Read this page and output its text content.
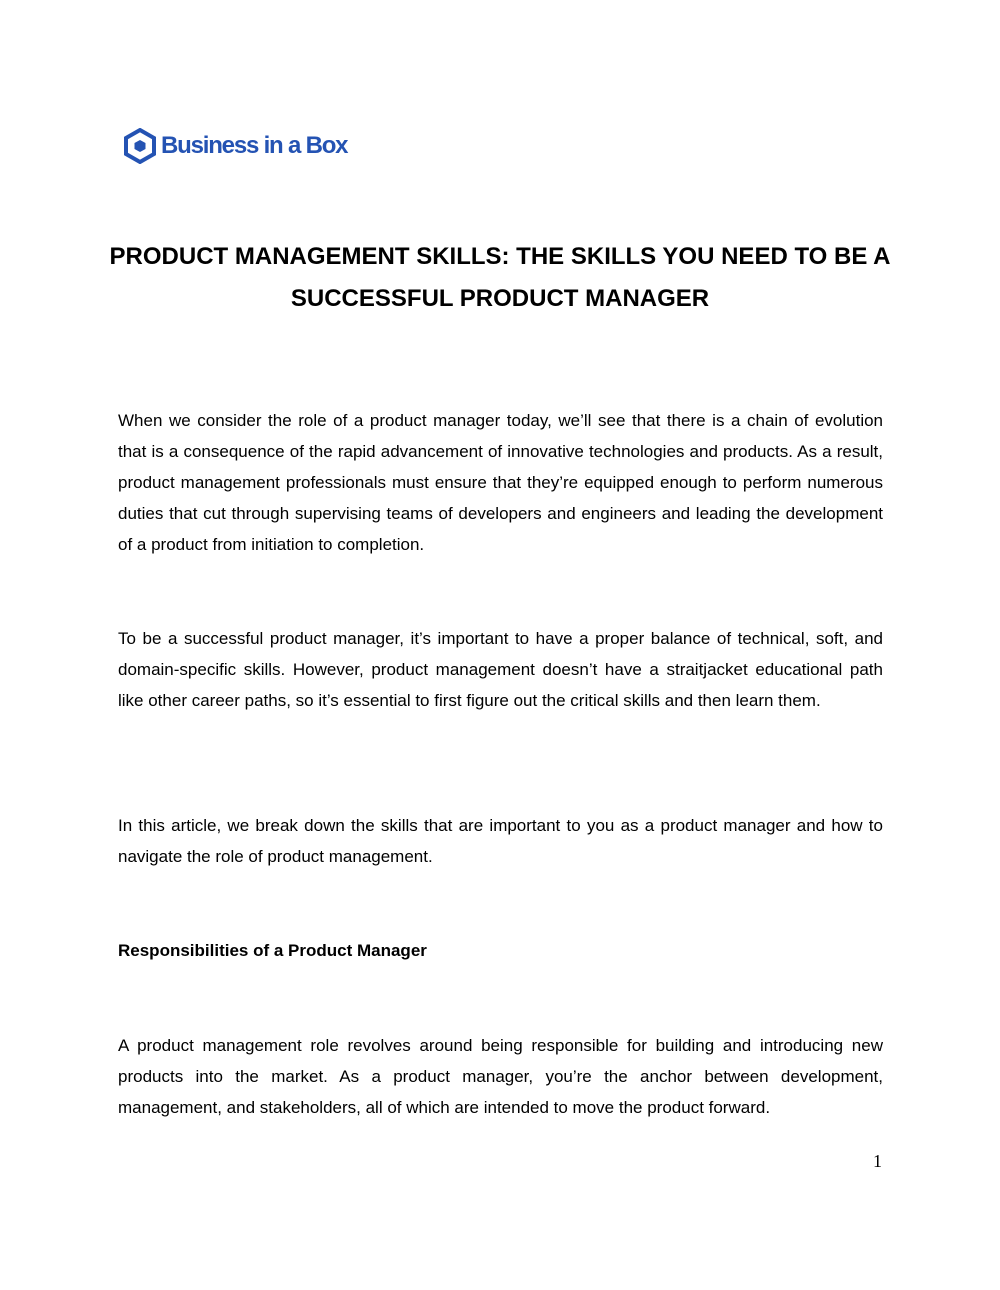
Business in a Box
PRODUCT MANAGEMENT SKILLS: THE SKILLS YOU NEED TO BE A SUCCESSFUL PRODUCT MANAGER

When we consider the role of a product manager today, we’ll see that there is a chain of evolution that is a consequence of the rapid advancement of innovative technologies and products. As a result, product management professionals must ensure that they’re equipped enough to perform numerous duties that cut through supervising teams of developers and engineers and leading the development of a product from initiation to completion.

To be a successful product manager, it’s important to have a proper balance of technical, soft, and domain-specific skills. However, product management doesn’t have a straitjacket educational path like other career paths, so it’s essential to first figure out the critical skills and then learn them.

In this article, we break down the skills that are important to you as a product manager and how to navigate the role of product management.

Responsibilities of a Product Manager

A product management role revolves around being responsible for building and introducing new products into the market. As a product manager, you’re the anchor between development, management, and stakeholders, all of which are intended to move the product forward.

1
